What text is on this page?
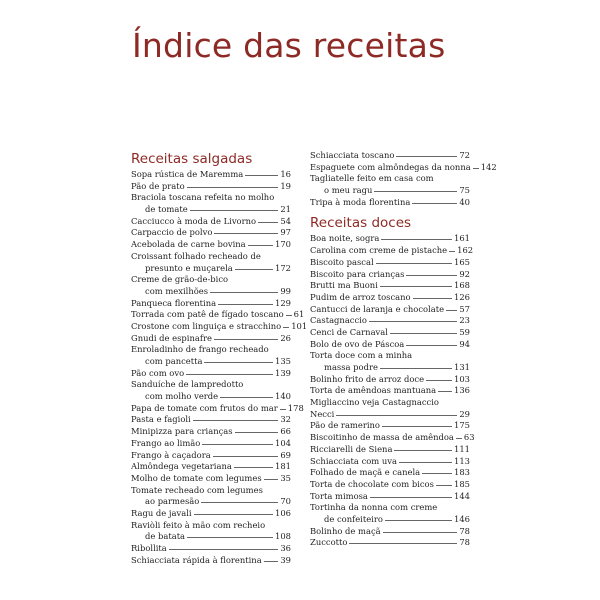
Índice das receitas
Receitas salgadas
Sopa rústica de Maremma	16
Pão de prato	19
Braciola toscana refeita no molho
de tomate	21
Cacciucco à moda de Livorno	54
Carpaccio de polvo	97
Acebolada de carne bovina	170
Croissant folhado recheado de
presunto e muçarela	172
Creme de grão-de-bico
com mexilhões	99
Panqueca florentina	129
Torrada com patê de fígado toscano 61
Crostone com linguiça e stracchino 101
Gnudi de espinafre	26
Enroladinho de frango recheado
com pancetta	135
Pão com ovo	139
Sanduíche de lampredotto
com molho verde	140
Papa de tomate com frutos do mar 178
Pasta e fagioli	32
Minipizza para crianças	66
Frango ao limão	104
Frango à caçadora	69
Almôndega vegetariana	181
Molho de tomate com legumes 35
Tomate recheado com legumes
ao parmesão	70
Ragu de javali	106
Raviòli feito à mão com recheio
de batata	108
Ribollita	36
Schiacciata rápida à florentina 39
Schiacciata toscano	72
Espaguete com almôndegas da nonna 142
Tagliatelle feito em casa com
o meu ragu	75
Tripa à moda florentina	40
Receitas doces
Boa noite, sogra	161
Carolina com creme de pistache 162
Biscoito pascal	165
Biscoito para crianças	92
Brutti ma Buoni	168
Pudim de arroz toscano	126
Cantucci de laranja e chocolate 57
Castagnaccio	23
Cenci de Carnaval	59
Bolo de ovo de Páscoa	94
Torta doce com a minha
massa podre	131
Bolinho frito de arroz doce	103
Torta de amêndoas mantuana 136
Migliaccino veja Castagnaccio
Necci	29
Pão de ramerino	175
Biscoitinho de massa de amêndoa 63
Ricciarelli de Siena	111
Schiacciata com uva	113
Folhado de maçã e canela	183
Torta de chocolate com bicos 185
Torta mimosa	144
Tortinha da nonna com creme
de confeiteiro	146
Bolinho de maçã	78
Zuccotto	78
